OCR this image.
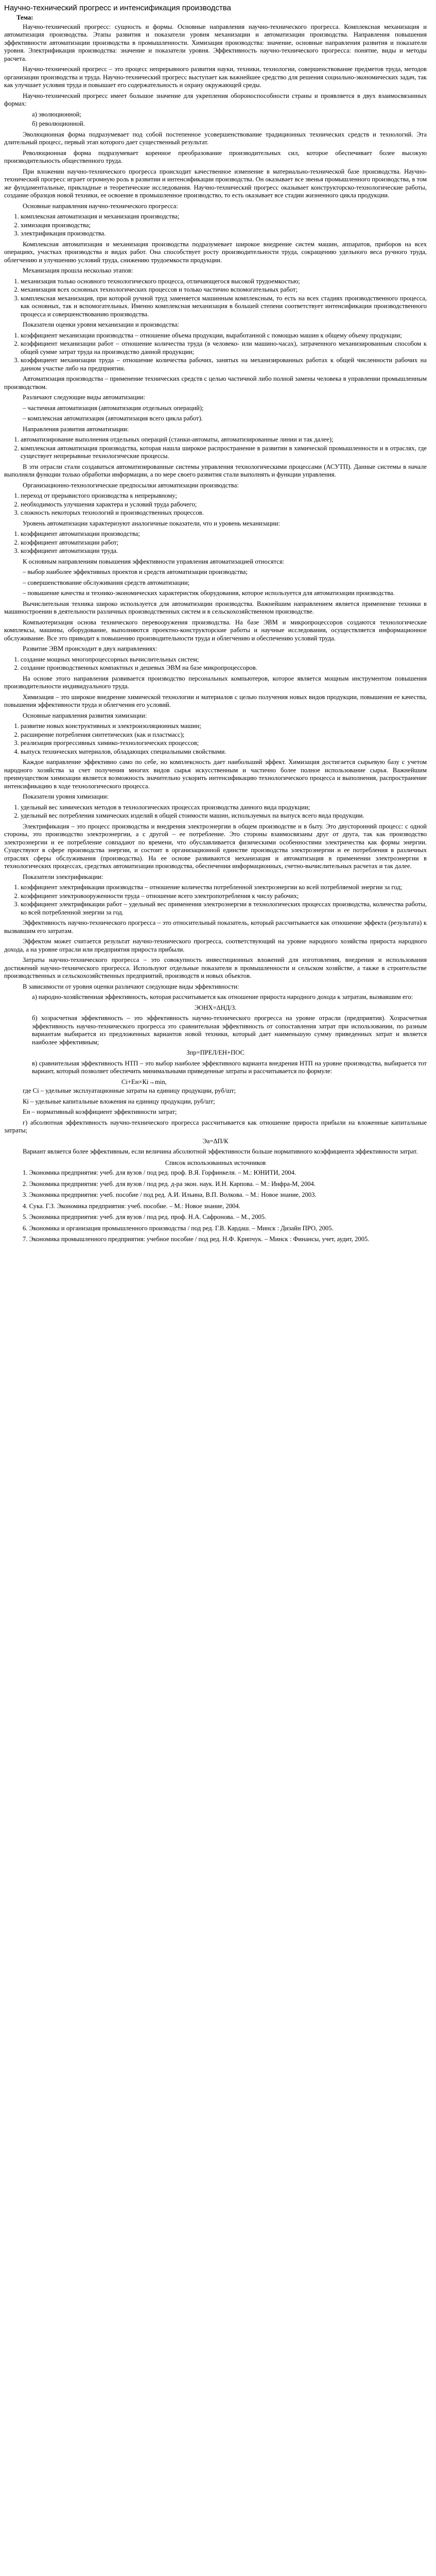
Научно-технический прогресс и интенсификация производства
Тема:

Научно-технический прогресс: сущность и формы. Основные направления научно-технического прогресса. Комплексная механизация и автоматизация производства. Этапы развития и показатели уровня механизации и автоматизации производства. Направления повышения эффективности автоматизации производства в промышленности. Химизация производства: значение, основные направления развития и показатели уровня. Электрификация производства: значение и показатели уровня. Эффективность научно-технического прогресса: понятие, виды и методы расчета.

Научно-технический прогресс – это процесс непрерывного развития науки, техники, технологии, совершенствование предметов труда, методов организации производства и труда. Научно-технический прогресс выступает как важнейшее средство для решения социально-экономических задач, так как улучшает условия труда и повышает его содержательность и охрану окружающей среды.

Научно-технический прогресс имеет большое значение для укрепления обороноспособности страны и проявляется в двух взаимосвязанных формах:

а) эволюционной;
б) революционной.

Эволюционная форма подразумевает под собой постепенное усовершенствование традиционных технических средств и технологий. Эта длительный процесс, первый этап которого дает существенный результат.

Революционная форма подразумевает коренное преобразование производительных сил, которое обеспечивает более высокую производительность общественного труда.

При вложении научно-технического прогресса происходит качественное изменение в материально-технической базе производства. Научно-технический прогресс играет огромную роль в развитии и интенсификации производства. Он оказывает все звенья промышленного производства, в том же фундаментальные, прикладные и теоретические исследования. Научно-технический прогресс оказывает конструкторско-технологические работы, создание образцов новой техники, ее освоение в промышленное производство, то есть оказывает все стадии жизненного цикла продукции.

Основные направления научно-технического прогресса:

1. комплексная автоматизация и механизация производства;
2. химизация производства;
3. электрификация производства.

Комплексная автоматизация и механизация производства подразумевает широкое внедрение систем машин, аппаратов, приборов на всех операциях, участках производства и видах работ. Она способствует росту производительности труда, сокращению удельного веса ручного труда, облегчению и улучшению условий труда, снижению трудоемкости продукции.

Механизация прошла несколько этапов:

1. механизация только основного технологического процесса, отличающегося высокой трудоемкостью;
2. механизация всех основных технологических процессов и только частично вспомогательных работ;
3. комплексная механизация, при которой ручной труд заменяется машинным комплексным, то есть на всех стадиях производственного процесса, как основных, так и вспомогательных. Именно комплексная механизация в большей степени соответствует интенсификации производственного процесса и совершенствованию производства.

Показатели оценки уровня механизации и производства:

1. коэффициент механизации производства – отношение объема продукции, выработанной с помощью машин к общему объему продукции;
2. коэффициент механизации работ – отношение количества труда (в человеко- или машино-часах), затраченного механизированным способом к общей сумме затрат труда на производство данной продукции;
3. коэффициент механизации труда – отношение количества рабочих, занятых на механизированных работах к общей численности рабочих на данном участке либо на предприятии.

Автоматизация производства – применение технических средств с целью частичной либо полной замены человека в управлении промышленным производством.

Различают следующие виды автоматизации:

– частичная автоматизация (автоматизация отдельных операций);

– комплексная автоматизация (автоматизация всего цикла работ).

Направления развития автоматизации:

1. автоматизирование выполнения отдельных операций (станки-автоматы, автоматизированные линии и так далее);
2. комплексная автоматизация производства, которая нашла широкое распространение в развитии в химической промышленности и в отраслях, где существует непрерывные технологические процессы.

В эти отрасли стали создаваться автоматизированные системы управления технологическими процессами (АСУТП). Данные системы в начале выполняли функции только обработки информации, а по мере своего развития стали выполнять и функции управления.

Организационно-технологические предпосылки автоматизации производства:

1. переход от прерывистого производства к непрерывному;
2. необходимость улучшения характера и условий труда рабочего;
3. сложность некоторых технологий и производственных процессов.

Уровень автоматизации характеризуют аналогичные показатели, что и уровень механизации:

1. коэффициент автоматизации производства;
2. коэффициент автоматизации работ;
3. коэффициент автоматизации труда.

К основным направлениям повышения эффективности управления автоматизацией относятся:

– выбор наиболее эффективных проектов и средств автоматизации производства;

– совершенствование обслуживания средств автоматизации;

– повышение качества и технико-экономических характеристик оборудования, которое используется для автоматизации производства.

Вычислительная техника широко используется для автоматизации производства. Важнейшим направлением является применение техники в машиностроении в деятельности различных производственных систем и в сельскохозяйственном производстве.

Компьютеризация основа технического перевооружения производства. На базе ЭВМ и микропроцессоров создаются технологические комплексы, машины, оборудование, выполняются проектно-конструкторские работы и научные исследования, осуществляется информационное обслуживание. Все это приводит к повышению производительности труда и облегчению и обеспечению условий труда.

Развитие ЭВМ происходит в двух направлениях:

1. создание мощных многопроцессорных вычислительных систем;
2. создание производственных компактных и дешевых ЭВМ на базе микропроцессоров.

На основе этого направления развивается производство персональных компьютеров, которое является мощным инструментом повышения производительности индивидуального труда.

Химизация – это широкое внедрение химической технологии и материалов с целью получения новых видов продукции, повышения ее качества, повышения эффективности труда и облегчения его условий.

Основные направления развития химизации:

1. развитие новых конструктивных и электроизоляционных машин;
2. расширение потребления синтетических (как и пластмасс);
3. реализация прогрессивных химико-технологических процессов;
4. выпуск технических материалов, обладающих специальными свойствами.

Каждое направление эффективно само по себе, но комплексность дает наибольший эффект. Химизация достигается сырьевую базу с учетом народного хозяйства за счет получения многих видов сырья искусственным и частично более полное использование сырья. Важнейшим преимуществом химизации является возможность значительно ускорить интенсификацию технологического процесса и выполнения, распространение интенсификацию в ходе технологического процесса.

Показатели уровня химизации:

1. удельный вес химических методов в технологических процессах производства данного вида продукции;
2. удельный вес потребления химических изделий в общей стоимости машин, используемых на выпуск всего вида продукции.

Электрификация – это процесс производства и внедрения электроэнергии в общем производстве и в быту. Это двусторонний процесс: с одной стороны, это производство электроэнергии, а с другой – ее потребление. Это стороны взаимосвязаны друг от друга, так как производство электроэнергии и ее потребление совпадают по времени, что обуславливается физическими особенностями электричества как формы энергии. Существуют в сфере производства энергии, и состоит в организационной единстве производства электроэнергии и ее потребления в различных отраслях сферы обслуживания (производства). На ее основе развиваются механизация и автоматизация в применении электроэнергии в технологических процессах, средствах автоматизации производства, обеспечении информационных, счетно-вычислительных расчетах и так далее.

Показатели электрификации:

1. коэффициент электрификации производства – отношение количества потребленной электроэнергии ко всей потребляемой энергии за год;
2. коэффициент электровооруженности труда – отношение всего электропотребления к числу рабочих;
3. коэффициент электрификации работ – удельный вес применения электроэнергии в технологических процессах производства, количества работы, ко всей потребленной энергии за год.

Эффективность научно-технического прогресса – это относительный показатель, который рассчитывается как отношение эффекта (результата) к вызвавшим его затратам.

Эффектом может считается результат научно-технического прогресса, соответствующий на уровне народного хозяйства прироста народного дохода, а на уровне отрасли или предприятия прироста прибыли.

Затраты научно-технического прогресса – это совокупность инвестиционных вложений для изготовления, внедрения и использования достижений научно-технического прогресса. Используют отдельные показатели в промышленности и сельском хозяйстве, а также в строительстве производственных и сельскохозяйственных предприятий, производств и новых объектов.

В зависимости от уровня оценки различают следующие виды эффективности:

а) народно-хозяйственная эффективность, которая рассчитывается как отношение прироста народного дохода к затратам, вызвавшим его:

ЭОНХ=ΔНД/З.

б) хозрасчетная эффективность – это эффективность научно-технического прогресса на уровне отрасли (предприятия). Хозрасчетная эффективность научно-технического прогресса это сравнительная эффективность от сопоставления затрат при использовании, по разным вариантам выбирается из предложенных вариантов новой техники, который дает наименьшую сумму приведенных затрат и является наиболее эффективным;

Зпр=ПРЕЛ/ЕН+ПОС

в) сравнительная эффективность НТП – это выбор наиболее эффективного варианта внедрения НТП на уровне производства, выбирается тот вариант, который позволяет обеспечить минимальными приведенные затраты и рассчитывается по формуле:

Сi+Ен×Кi→min,

где Сi – удельные эксплуатационные затраты на единицу продукции, руб/шт;

Кi – удельные капитальные вложения на единицу продукции, руб/шт;

Ен – нормативный коэффициент эффективности затрат;

г) абсолютная эффективность научно-технического прогресса рассчитывается как отношение прироста прибыли на вложенные капитальные затраты;

Эа=ΔП/К

Вариант является более эффективным, если величина абсолютной эффективности больше нормативного коэффициента эффективности затрат.

Список использованных источников

1. Экономика предприятия: учеб. для вузов / под ред. проф. В.Я. Горфинкеля. – М.: ЮНИТИ, 2004.

2. Экономика предприятия: учеб. для вузов / под ред. д-ра экон. наук. И.Н. Карпова. – М.: Инфра-М, 2004.

3. Экономика предприятия: учеб. пособие / под ред. А.И. Ильина, В.П. Волкова. – М.: Новое знание, 2003.

4. Сука. Г.З. Экономика предприятия: учеб. пособие. – М.: Новое знание, 2004.

5. Экономика предприятия: учеб. для вузов / под ред. проф. Н.А. Сафронова. – М., 2005.

6. Экономика и организация промышленного производства / под ред. Г.В. Кардаш. – Минск : Дизайн ПРО, 2005.

7. Экономика промышленного предприятия: учебное пособие / под ред. Н.Ф. Крипчук. – Минск : Финансы, учет, аудит, 2005.
